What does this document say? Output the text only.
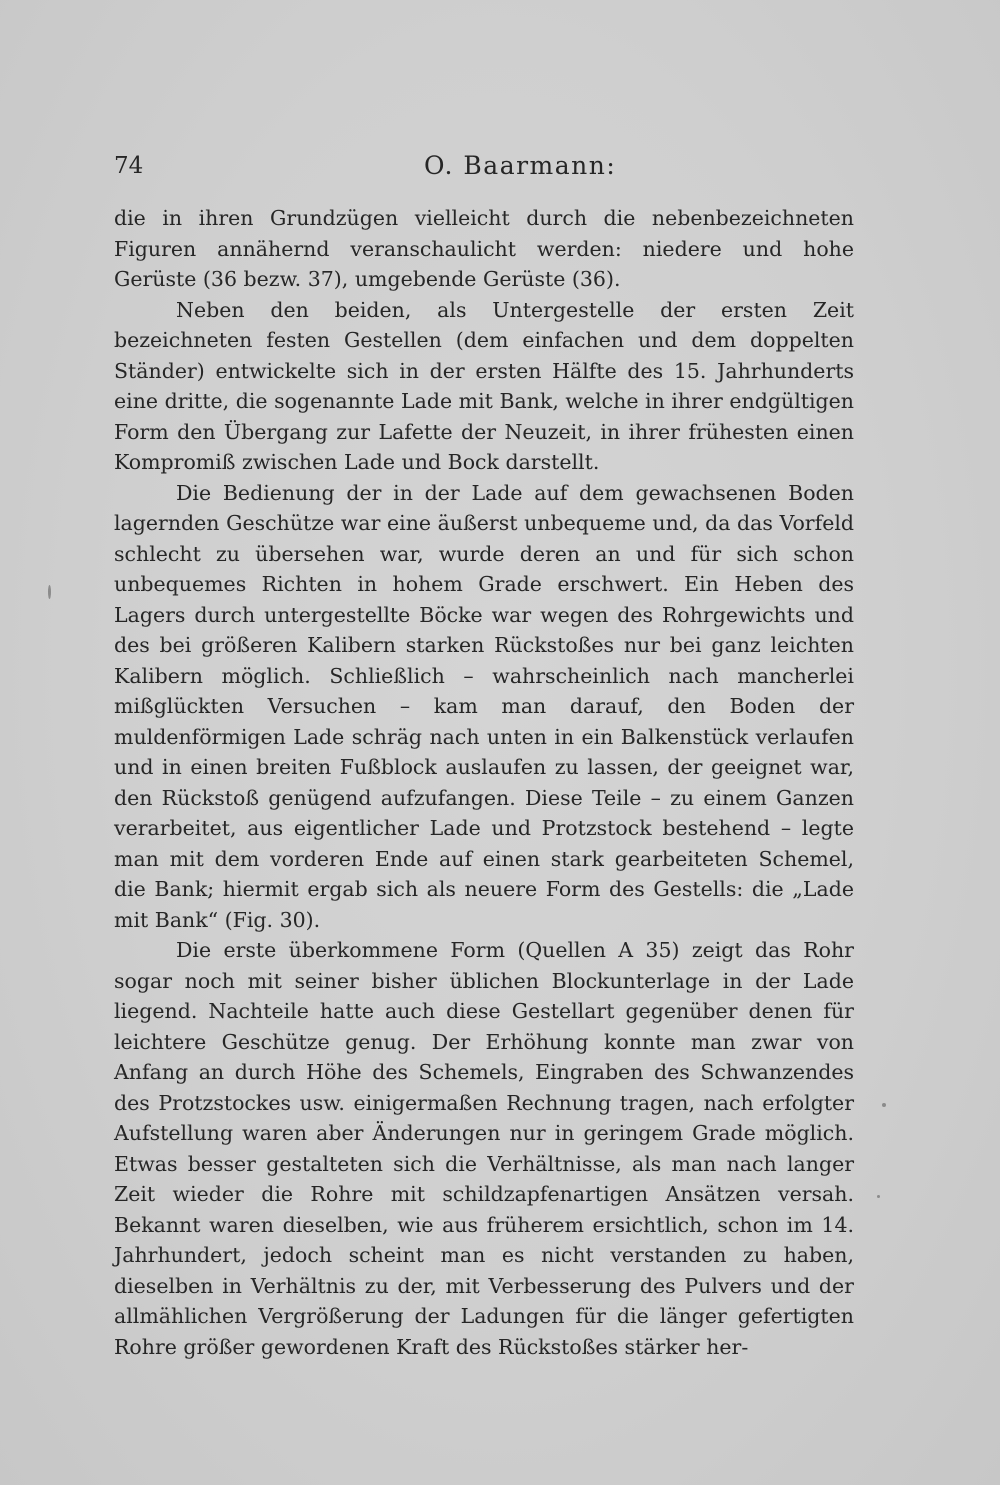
74	O. Baarmann:

die in ihren Grundzügen vielleicht durch die nebenbezeichneten Figuren annähernd veranschaulicht werden: niedere und hohe Gerüste (36 bezw. 37), umgebende Gerüste (36).

Neben den beiden, als Untergestelle der ersten Zeit bezeichneten festen Gestellen (dem einfachen und dem doppelten Ständer) entwickelte sich in der ersten Hälfte des 15. Jahrhunderts eine dritte, die sogenannte Lade mit Bank, welche in ihrer endgültigen Form den Übergang zur Lafette der Neuzeit, in ihrer frühesten einen Kompromiß zwischen Lade und Bock darstellt.

Die Bedienung der in der Lade auf dem gewachsenen Boden lagernden Geschütze war eine äußerst unbequeme und, da das Vorfeld schlecht zu übersehen war, wurde deren an und für sich schon unbequemes Richten in hohem Grade erschwert. Ein Heben des Lagers durch untergestellte Böcke war wegen des Rohrgewichts und des bei größeren Kalibern starken Rückstoßes nur bei ganz leichten Kalibern möglich. Schließlich – wahrscheinlich nach mancherlei mißglückten Versuchen – kam man darauf, den Boden der muldenförmigen Lade schräg nach unten in ein Balkenstück verlaufen und in einen breiten Fußblock auslaufen zu lassen, der geeignet war, den Rückstoß genügend aufzufangen. Diese Teile – zu einem Ganzen verarbeitet, aus eigentlicher Lade und Protzstock bestehend – legte man mit dem vorderen Ende auf einen stark gearbeiteten Schemel, die Bank; hiermit ergab sich als neuere Form des Gestells: die „Lade mit Bank“ (Fig. 30).

Die erste überkommene Form (Quellen A 35) zeigt das Rohr sogar noch mit seiner bisher üblichen Blockunterlage in der Lade liegend. Nachteile hatte auch diese Gestellart gegenüber denen für leichtere Geschütze genug. Der Erhöhung konnte man zwar von Anfang an durch Höhe des Schemels, Eingraben des Schwanzendes des Protzstockes usw. einigermaßen Rechnung tragen, nach erfolgter Aufstellung waren aber Änderungen nur in geringem Grade möglich. Etwas besser gestalteten sich die Verhältnisse, als man nach langer Zeit wieder die Rohre mit schildzapfenartigen Ansätzen versah. Bekannt waren dieselben, wie aus früherem ersichtlich, schon im 14. Jahrhundert, jedoch scheint man es nicht verstanden zu haben, dieselben in Verhältnis zu der, mit Verbesserung des Pulvers und der allmählichen Vergrößerung der Ladungen für die länger gefertigten Rohre größer gewordenen Kraft des Rückstoßes stärker her-
